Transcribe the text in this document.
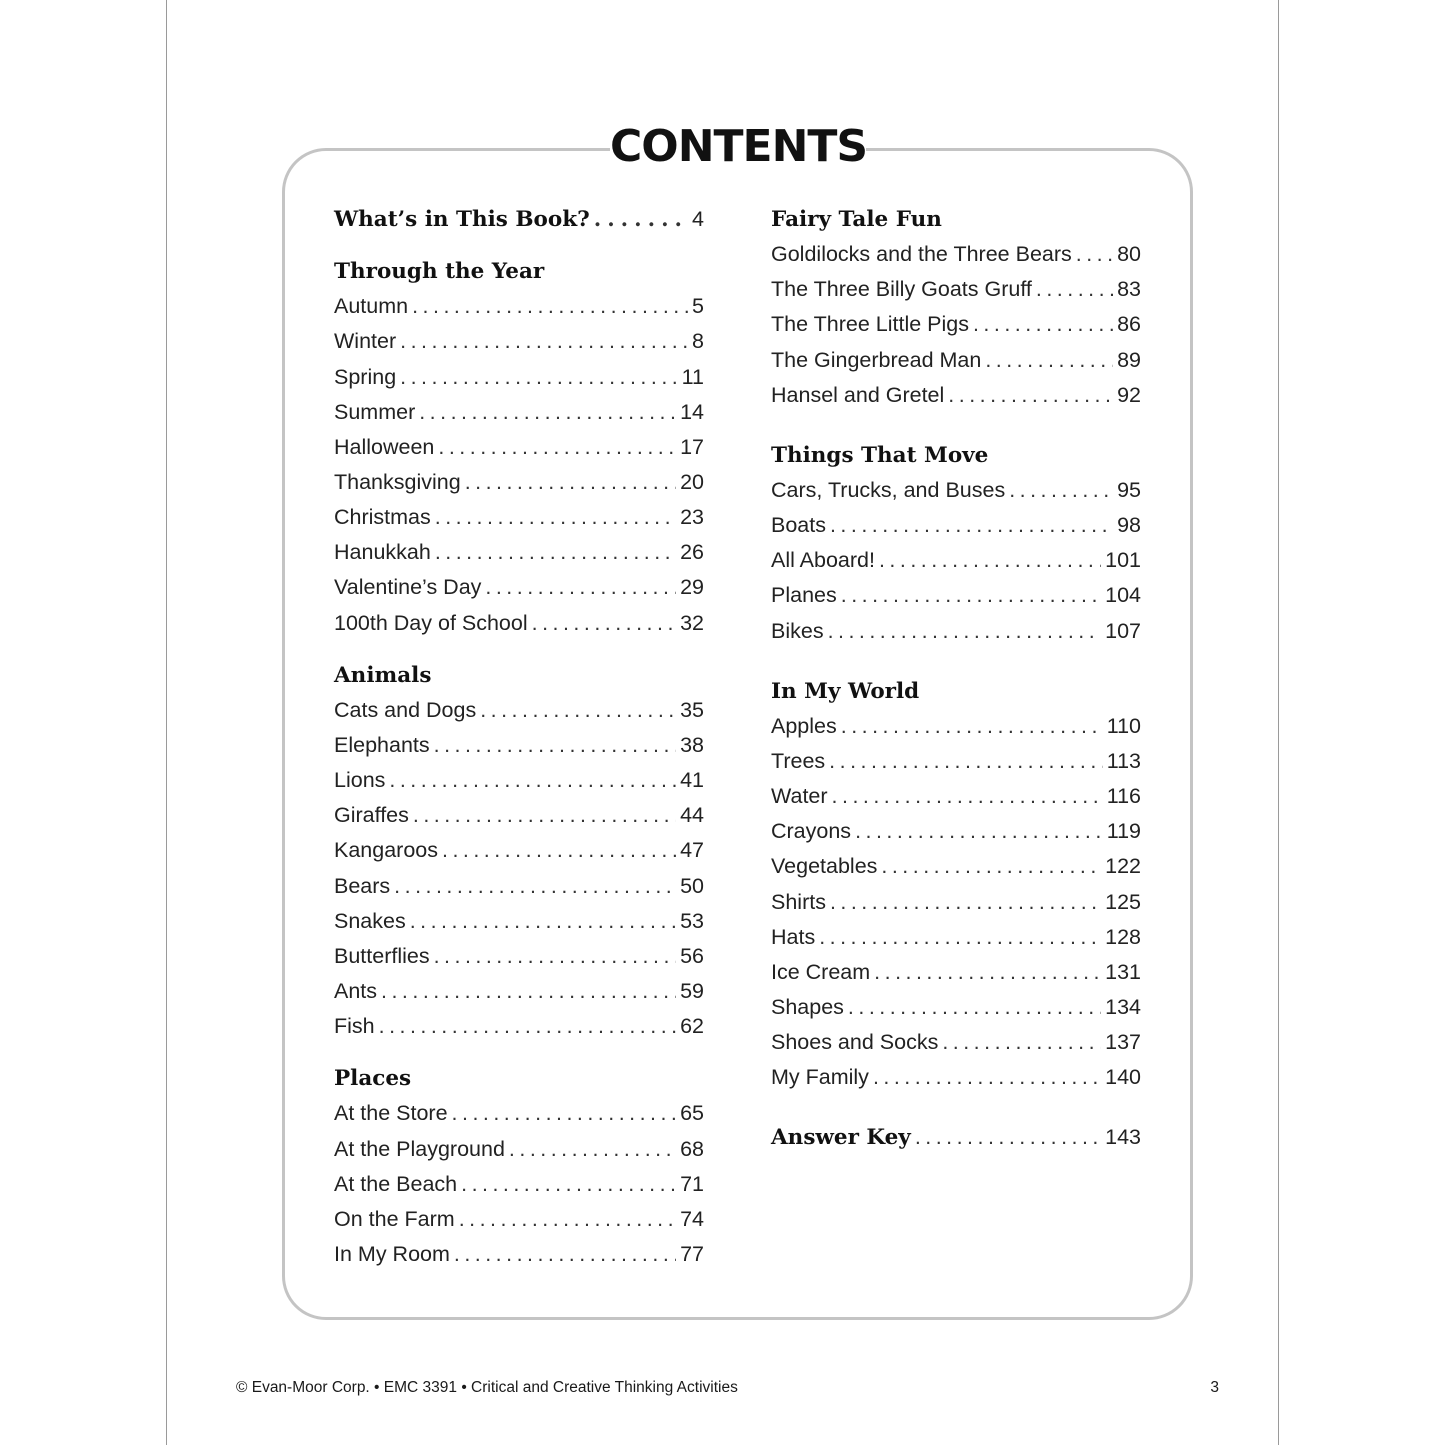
CONTENTS
What’s in This Book? . . .	4
Through the Year
Autumn . . .	5
Winter . . .	8
Spring . . .	11
Summer . . .	14
Halloween . . .	17
Thanksgiving . . .	20
Christmas . . .	23
Hanukkah . . .	26
Valentine’s Day . . .	29
100th Day of School . . .	32
Animals
Cats and Dogs . . .	35
Elephants . . .	38
Lions . . .	41
Giraffes . . .	44
Kangaroos . . .	47
Bears . . .	50
Snakes . . .	53
Butterflies . . .	56
Ants . . .	59
Fish . . .	62
Places
At the Store . . .	65
At the Playground . . .	68
At the Beach . . .	71
On the Farm . . .	74
In My Room . . .	77
Fairy Tale Fun
Goldilocks and the Three Bears . . . 80
The Three Billy Goats Gruff . . .	83
The Three Little Pigs . . .	86
The Gingerbread Man . . .	89
Hansel and Gretel . . .	92
Things That Move
Cars, Trucks, and Buses . . .	95
Boats . . .	98
All Aboard! . . .	101
Planes . . .	104
Bikes . . .	107
In My World
Apples . . .	110
Trees . . .	113
Water . . .	116
Crayons . . .	119
Vegetables . . .	122
Shirts . . .	125
Hats . . .	128
Ice Cream . . .	131
Shapes . . .	134
Shoes and Socks . . .	137
My Family . . .	140
Answer Key . . .	143
© Evan-Moor Corp. • EMC 3391 • Critical and Creative Thinking Activities	3
